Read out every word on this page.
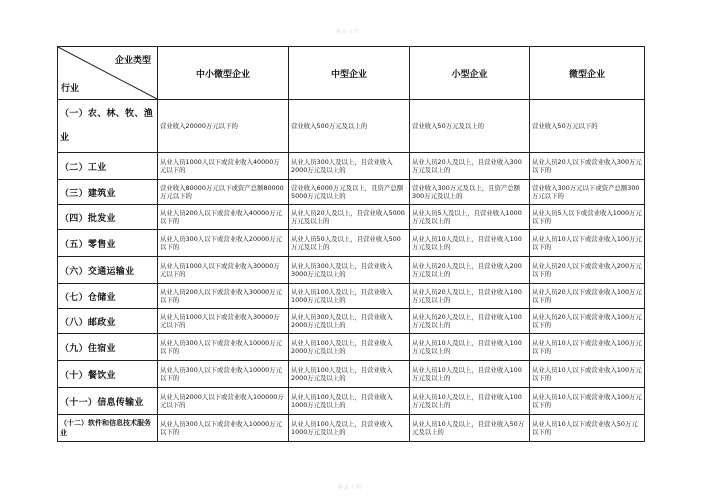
精品文档
企业类型
行业	中小微型企业	中型企业	小型企业	微型企业
（一）农、林、牧、渔业	营业收入20000万元以下的	营业收入500万元及以上的	营业收入50万元及以上的	营业收入50万元以下的
（二）工业	从业人员1000人以下或营业收入40000万元以下的	从业人员300人及以上，且营业收入2000万元及以上的	从业人员20人及以上，且营业收入300万元及以上的	从业人员20人以下或营业收入300万元以下的
（三）建筑业	营业收入80000万元以下或资产总额80000万元以下的	营业收入6000万元及以上，且资产总额5000万元及以上的	营业收入300万元及以上，且资产总额300万元及以上的	营业收入300万元以下或资产总额300万元以下的
（四）批发业	从业人员200人以下或营业收入40000万元以下的	从业人员20人及以上，且营业收入5000万元及以上的	从业人员5人及以上，且营业收入1000万元及以上的	从业人员5人以下或营业收入1000万元以下的
（五）零售业	从业人员300人以下或营业收入20000万元以下的	从业人员50人及以上，且营业收入500万元及以上的	从业人员10人及以上，且营业收入100万元及以上的	从业人员10人以下或营业收入100万元以下的
（六）交通运输业	从业人员1000人以下或营业收入30000万元以下的	从业人员300人及以上，且营业收入3000万元及以上的	从业人员20人及以上，且营业收入200万元及以上的	从业人员20人以下或营业收入200万元以下的
（七）仓储业	从业人员200人以下或营业收入30000万元以下的	从业人员100人及以上，且营业收入1000万元及以上的	从业人员20人及以上，且营业收入100万元及以上的	从业人员20人以下或营业收入100万元以下的
（八）邮政业	从业人员1000人以下或营业收入30000万元以下的	从业人员300人及以上，且营业收入2000万元及以上的	从业人员20人及以上，且营业收入100万元及以上的	从业人员20人以下或营业收入100万元以下的
（九）住宿业	从业人员300人以下或营业收入10000万元以下的	从业人员100人及以上，且营业收入2000万元及以上的	从业人员10人及以上，且营业收入100万元及以上的	从业人员10人以下或营业收入100万元以下的
（十）餐饮业	从业人员300人以下或营业收入10000万元以下的	从业人员100人及以上，且营业收入2000万元及以上的	从业人员10人及以上，且营业收入100万元及以上的	从业人员10人以下或营业收入100万元以下的
（十一）信息传输业	从业人员2000人以下或营业收入100000万元以下的	从业人员100人及以上，且营业收入1000万元及以上的	从业人员10人及以上，且营业收入100万元及以上的	从业人员10人以下或营业收入100万元以下的
（十二）软件和信息技术服务业	从业人员300人以下或营业收入10000万元以下的	从业人员100人及以上，且营业收入1000万元及以上的	从业人员10人及以上，且营业收入50万元及以上的	从业人员10人以下或营业收入50万元以下的
精品文档
